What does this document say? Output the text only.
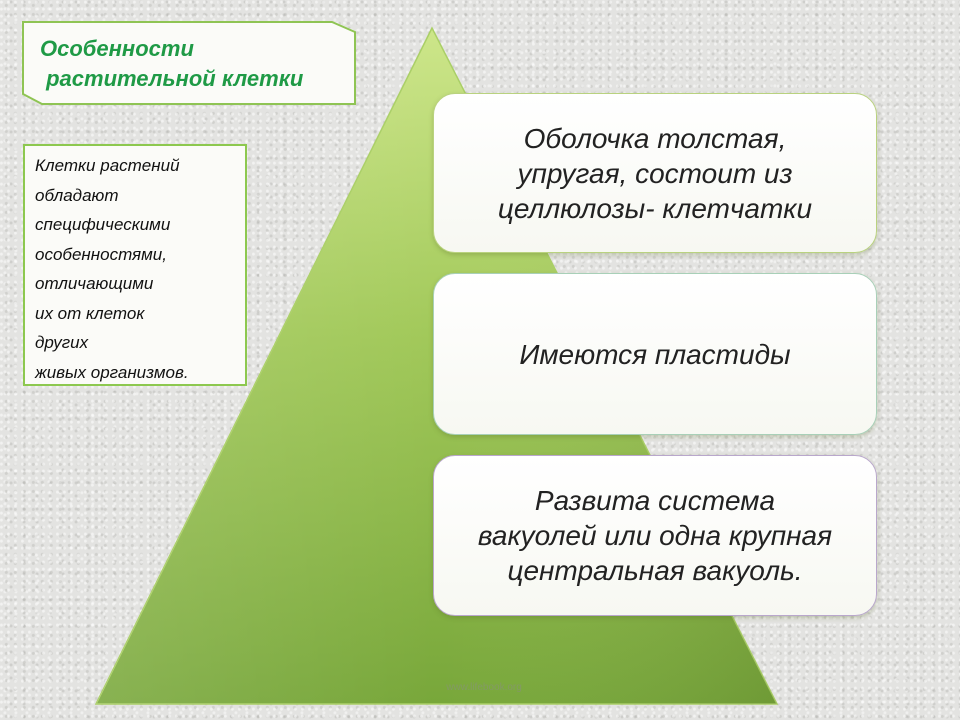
Особенности
растительной клетки
Клетки растений
обладают
специфическими
особенностями,
отличающими
их от клеток
других
живых организмов.
Оболочка толстая,
упругая, состоит из
целлюлозы- клетчатки
Имеются пластиды
Развита система
вакуолей или одна крупная
центральная вакуоль.
www.lifebook.org
